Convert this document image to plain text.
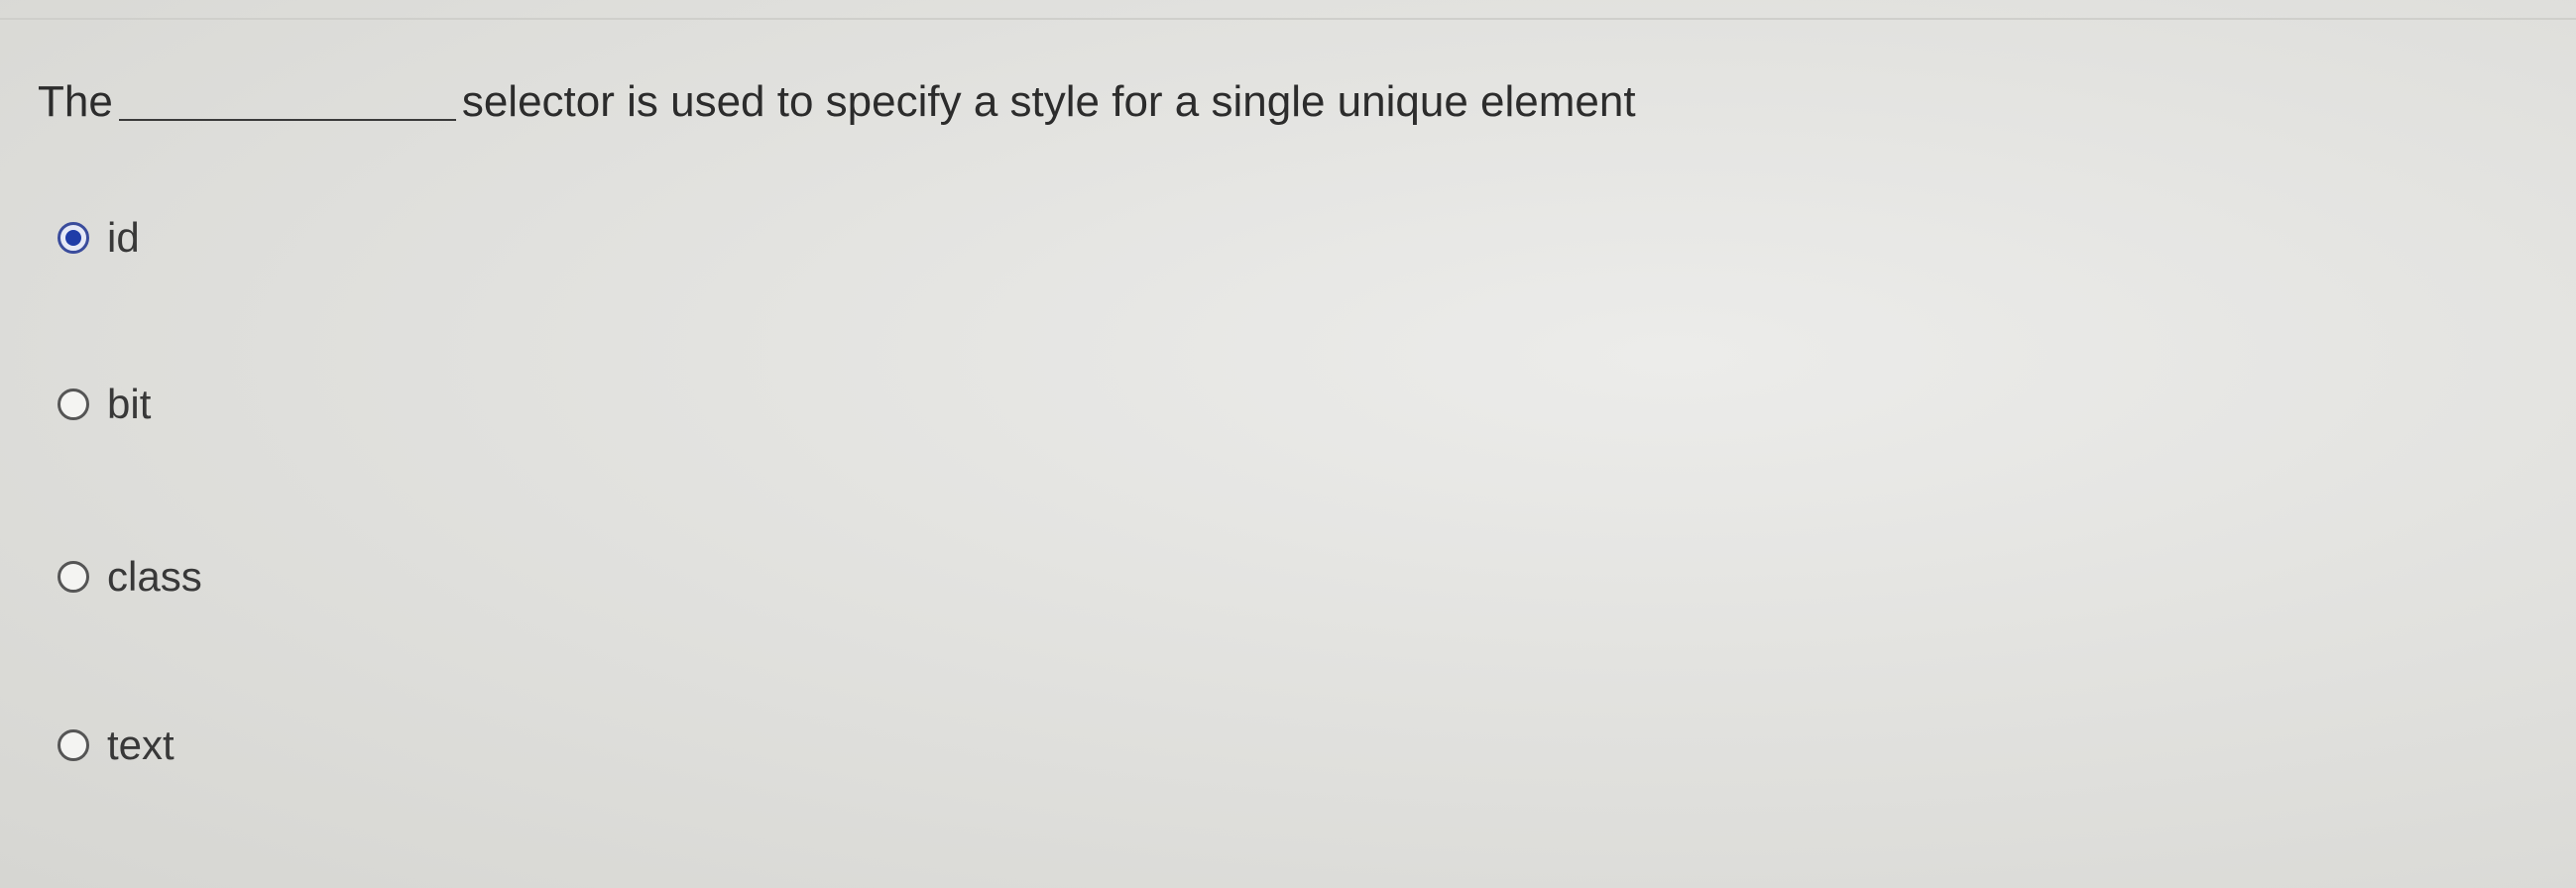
The	selector is used to specify a style for a single unique element
id
bit
class
text
